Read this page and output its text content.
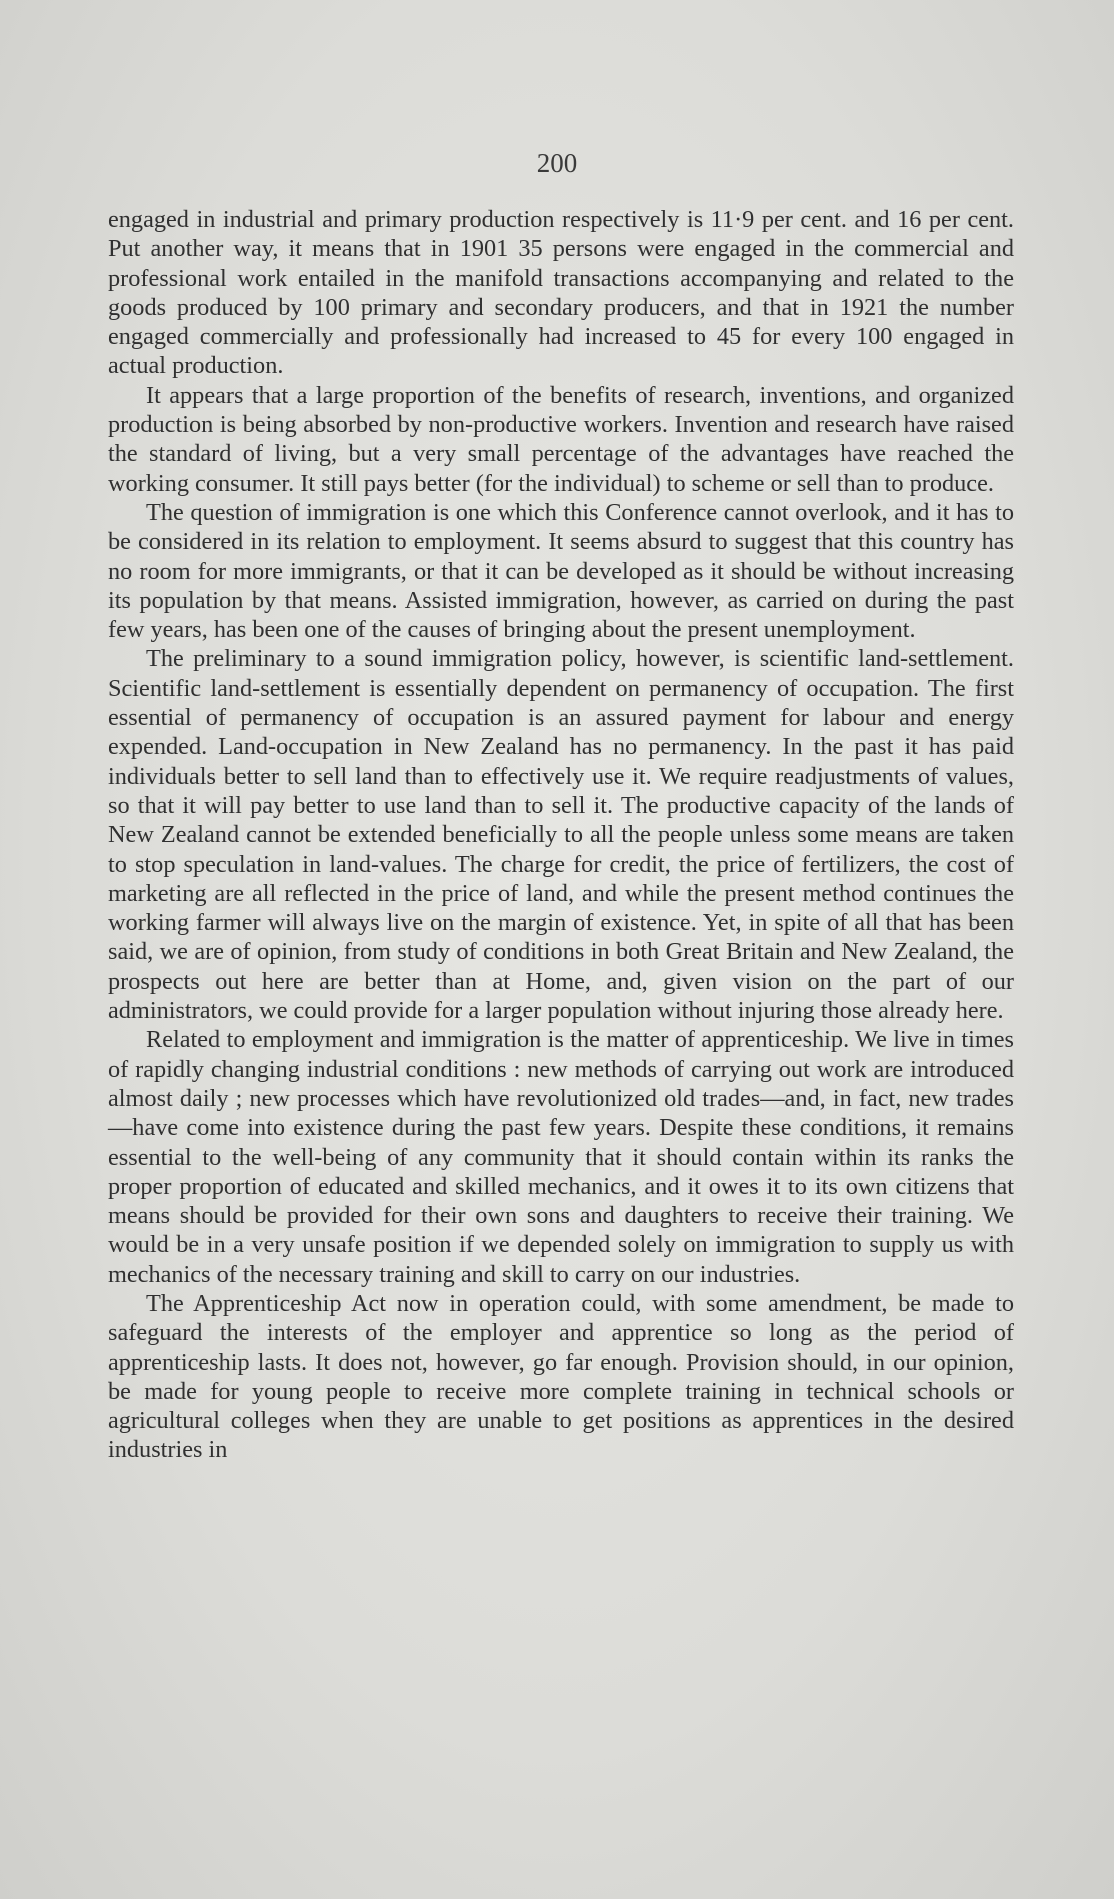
200

engaged in industrial and primary production respectively is 11·9 per cent. and 16 per cent. Put another way, it means that in 1901 35 persons were engaged in the commercial and professional work entailed in the manifold transactions accompanying and related to the goods produced by 100 primary and secondary producers, and that in 1921 the number engaged commercially and professionally had increased to 45 for every 100 engaged in actual production.

It appears that a large proportion of the benefits of research, inventions, and organized production is being absorbed by non-productive workers. Invention and research have raised the standard of living, but a very small percentage of the advantages have reached the working consumer. It still pays better (for the individual) to scheme or sell than to produce.

The question of immigration is one which this Conference cannot overlook, and it has to be considered in its relation to employment. It seems absurd to suggest that this country has no room for more immigrants, or that it can be developed as it should be without increasing its population by that means. Assisted immigration, however, as carried on during the past few years, has been one of the causes of bringing about the present unemployment.

The preliminary to a sound immigration policy, however, is scientific land-settlement. Scientific land-settlement is essentially dependent on permanency of occupation. The first essential of permanency of occupation is an assured payment for labour and energy expended. Land-occupation in New Zealand has no permanency. In the past it has paid individuals better to sell land than to effectively use it. We require readjustments of values, so that it will pay better to use land than to sell it. The productive capacity of the lands of New Zealand cannot be extended beneficially to all the people unless some means are taken to stop speculation in land-values. The charge for credit, the price of fertilizers, the cost of marketing are all reflected in the price of land, and while the present method continues the working farmer will always live on the margin of existence. Yet, in spite of all that has been said, we are of opinion, from study of conditions in both Great Britain and New Zealand, the prospects out here are better than at Home, and, given vision on the part of our administrators, we could provide for a larger population without injuring those already here.

Related to employment and immigration is the matter of apprenticeship. We live in times of rapidly changing industrial conditions : new methods of carrying out work are introduced almost daily ; new processes which have revolutionized old trades—and, in fact, new trades—have come into existence during the past few years. Despite these conditions, it remains essential to the well-being of any community that it should contain within its ranks the proper proportion of educated and skilled mechanics, and it owes it to its own citizens that means should be provided for their own sons and daughters to receive their training. We would be in a very unsafe position if we depended solely on immigration to supply us with mechanics of the necessary training and skill to carry on our industries.

The Apprenticeship Act now in operation could, with some amendment, be made to safeguard the interests of the employer and apprentice so long as the period of apprenticeship lasts. It does not, however, go far enough. Provision should, in our opinion, be made for young people to receive more complete training in technical schools or agricultural colleges when they are unable to get positions as apprentices in the desired industries in
